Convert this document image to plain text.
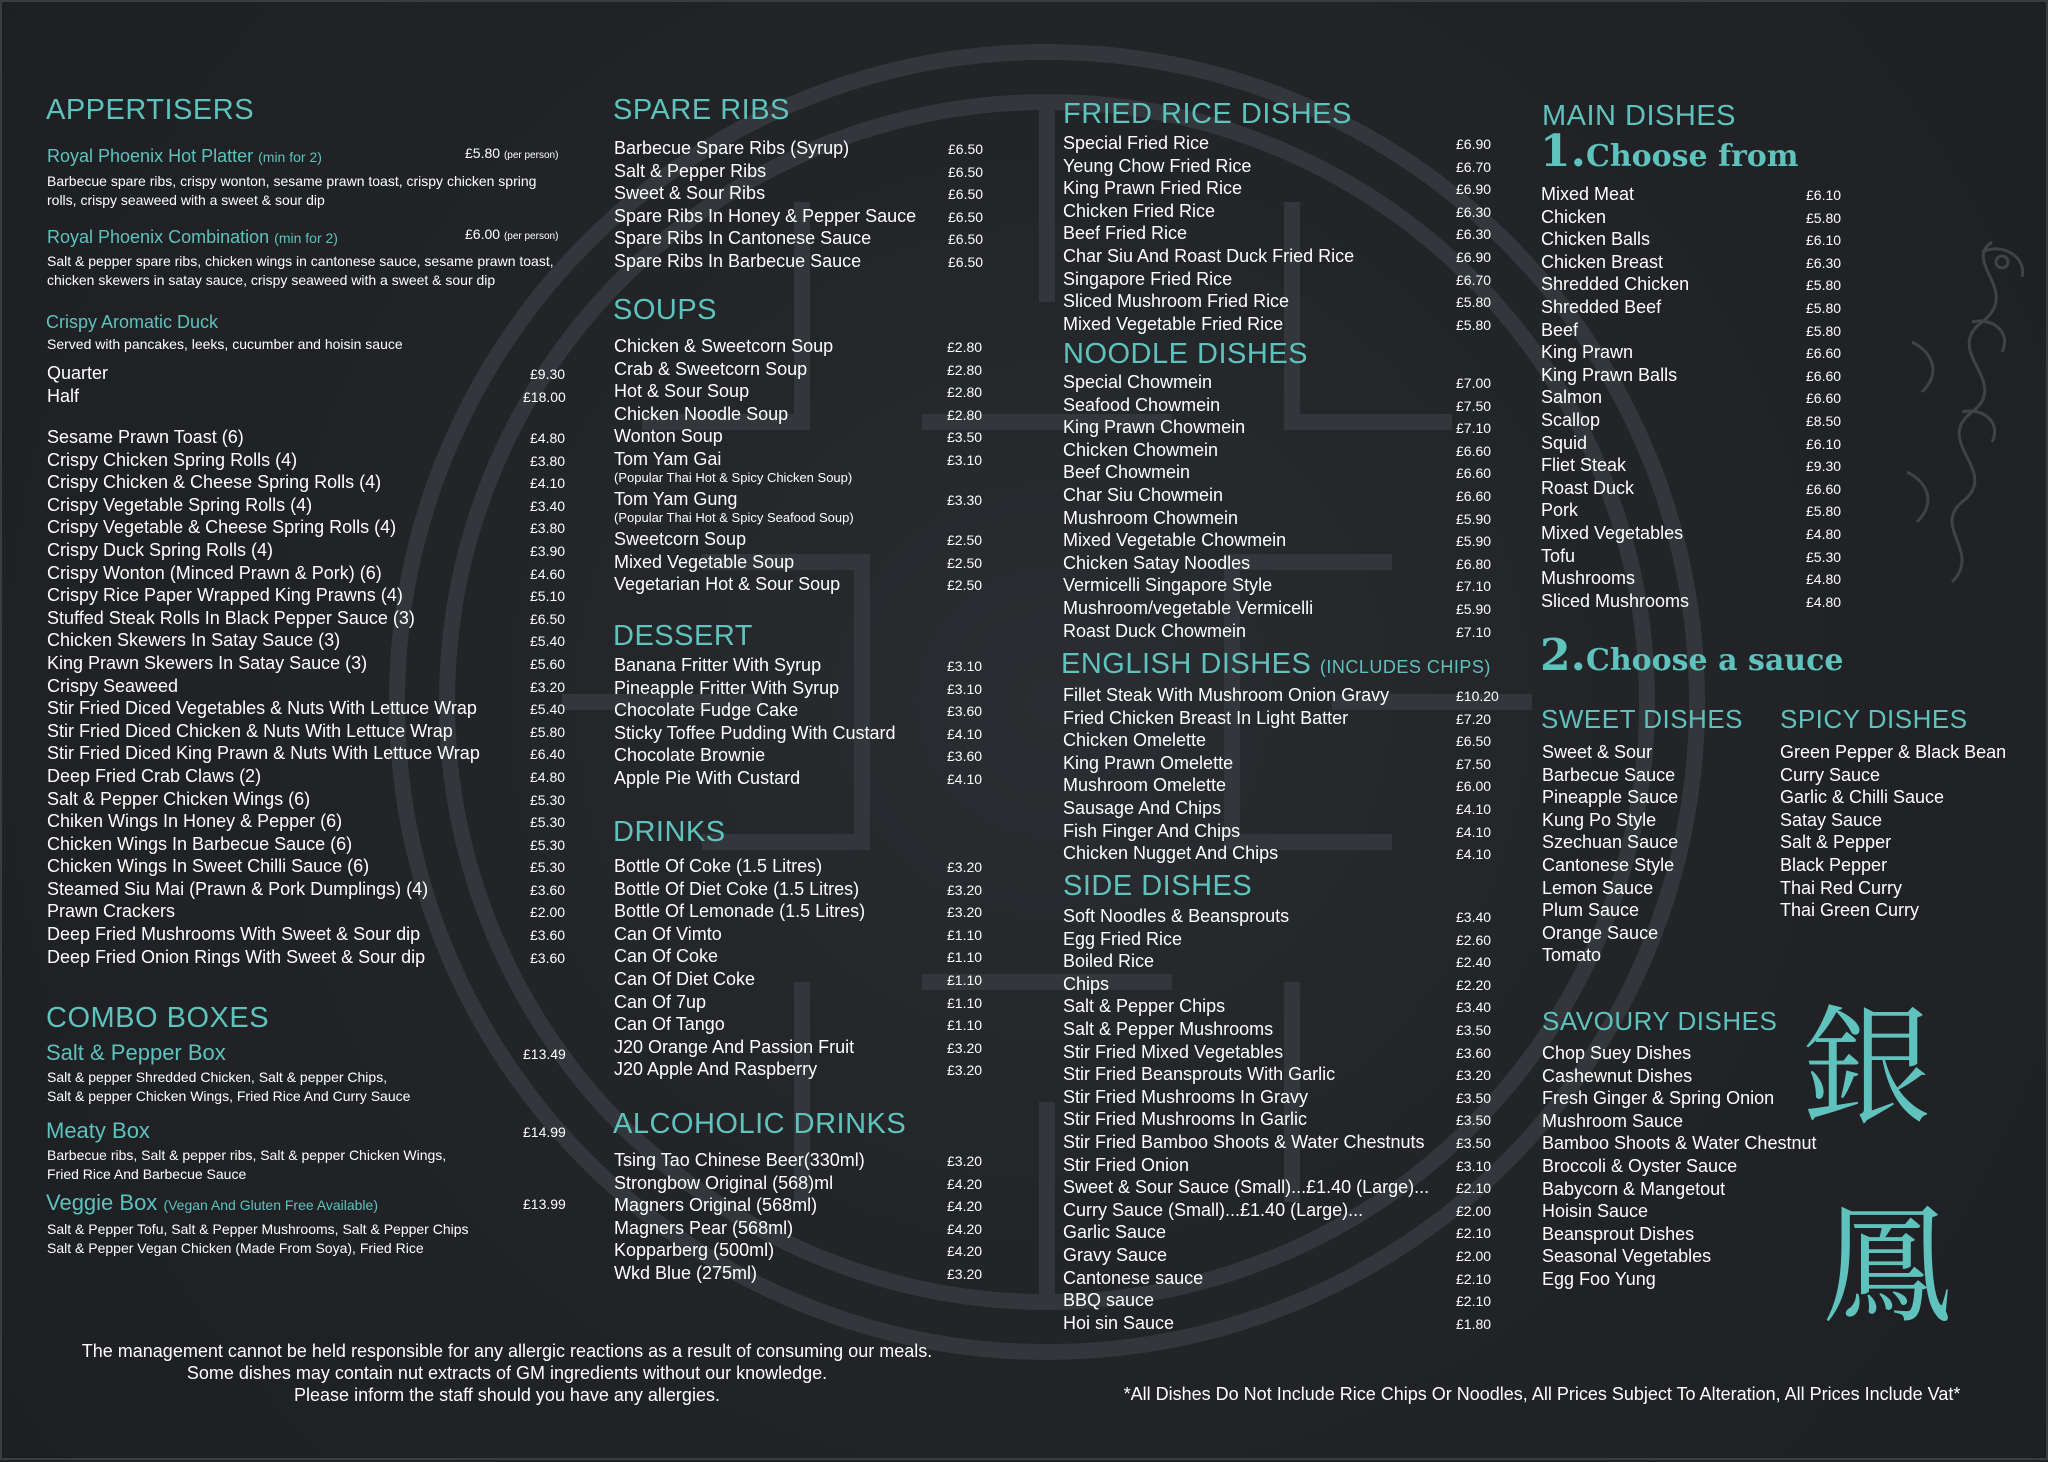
APPERTISERS
Royal Phoenix Hot Platter (min for 2)	£5.80 (per person)
Barbecue spare ribs, crispy wonton, sesame prawn toast, crispy chicken spring rolls, crispy seaweed with a sweet & sour dip
Royal Phoenix Combination (min for 2)	£6.00 (per person)
Salt & pepper spare ribs, chicken wings in cantonese sauce, sesame prawn toast, chicken skewers in satay sauce, crispy seaweed with a sweet & sour dip
Crispy Aromatic Duck
Served with pancakes, leeks, cucumber and hoisin sauce
Quarter	£9.30
Half	£18.00
Sesame Prawn Toast (6)	£4.80
Crispy Chicken Spring Rolls (4)	£3.80
Crispy Chicken & Cheese Spring Rolls (4)	£4.10
Crispy Vegetable Spring Rolls (4)	£3.40
Crispy Vegetable & Cheese Spring Rolls (4)	£3.80
Crispy Duck Spring Rolls (4)	£3.90
Crispy Wonton (Minced Prawn & Pork) (6)	£4.60
Crispy Rice Paper Wrapped King Prawns (4)	£5.10
Stuffed Steak Rolls In Black Pepper Sauce (3)	£6.50
Chicken Skewers In Satay Sauce (3)	£5.40
King Prawn Skewers In Satay Sauce (3)	£5.60
Crispy Seaweed	£3.20
Stir Fried Diced Vegetables & Nuts With Lettuce Wrap	£5.40
Stir Fried Diced Chicken & Nuts With Lettuce Wrap	£5.80
Stir Fried Diced King Prawn & Nuts With Lettuce Wrap	£6.40
Deep Fried Crab Claws (2)	£4.80
Salt & Pepper Chicken Wings (6)	£5.30
Chiken Wings In Honey & Pepper (6)	£5.30
Chicken Wings In Barbecue Sauce (6)	£5.30
Chicken Wings In Sweet Chilli Sauce (6)	£5.30
Steamed Siu Mai (Prawn & Pork Dumplings) (4)	£3.60
Prawn Crackers	£2.00
Deep Fried Mushrooms With Sweet & Sour dip	£3.60
Deep Fried Onion Rings With Sweet & Sour dip	£3.60
COMBO BOXES
Salt & Pepper Box	£13.49
Salt & pepper Shredded Chicken, Salt & pepper Chips,
Salt & pepper Chicken Wings, Fried Rice And Curry Sauce
Meaty Box	£14.99
Barbecue ribs, Salt & pepper ribs, Salt & pepper Chicken Wings,
Fried Rice And Barbecue Sauce
Veggie Box (Vegan And Gluten Free Available)	£13.99
Salt & Pepper Tofu, Salt & Pepper Mushrooms, Salt & Pepper Chips
Salt & Pepper Vegan Chicken (Made From Soya), Fried Rice
SPARE RIBS
Barbecue Spare Ribs (Syrup)	£6.50
Salt & Pepper Ribs	£6.50
Sweet & Sour Ribs	£6.50
Spare Ribs In Honey & Pepper Sauce £6.50
Spare Ribs In Cantonese Sauce	£6.50
Spare Ribs In Barbecue Sauce	£6.50
SOUPS
Chicken & Sweetcorn Soup	£2.80
Crab & Sweetcorn Soup	£2.80
Hot & Sour Soup	£2.80
Chicken Noodle Soup	£2.80
Wonton Soup	£3.50
Tom Yam Gai	£3.10
(Popular Thai Hot & Spicy Chicken Soup)
Tom Yam Gung	£3.30
(Popular Thai Hot & Spicy Seafood Soup)
Sweetcorn Soup	£2.50
Mixed Vegetable Soup	£2.50
Vegetarian Hot & Sour Soup	£2.50
DESSERT
Banana Fritter With Syrup	£3.10
Pineapple Fritter With Syrup	£3.10
Chocolate Fudge Cake	£3.60
Sticky Toffee Pudding With Custard	£4.10
Chocolate Brownie	£3.60
Apple Pie With Custard	£4.10
DRINKS
Bottle Of Coke (1.5 Litres)	£3.20
Bottle Of Diet Coke (1.5 Litres)	£3.20
Bottle Of Lemonade (1.5 Litres)	£3.20
Can Of Vimto	£1.10
Can Of Coke	£1.10
Can Of Diet Coke	£1.10
Can Of 7up	£1.10
Can Of Tango	£1.10
J20 Orange And Passion Fruit	£3.20
J20 Apple And Raspberry	£3.20
ALCOHOLIC DRINKS
Tsing Tao Chinese Beer(330ml)	£3.20
Strongbow Original (568)ml	£4.20
Magners Original (568ml)	£4.20
Magners Pear (568ml)	£4.20
Kopparberg (500ml)	£4.20
Wkd Blue (275ml)	£3.20
FRIED RICE DISHES
Special Fried Rice	£6.90
Yeung Chow Fried Rice	£6.70
King Prawn Fried Rice	£6.90
Chicken Fried Rice	£6.30
Beef Fried Rice	£6.30
Char Siu And Roast Duck Fried Rice	£6.90
Singapore Fried Rice	£6.70
Sliced Mushroom Fried Rice	£5.80
Mixed Vegetable Fried Rice	£5.80
NOODLE DISHES
Special Chowmein	£7.00
Seafood Chowmein	£7.50
King Prawn Chowmein	£7.10
Chicken Chowmein	£6.60
Beef Chowmein	£6.60
Char Siu Chowmein	£6.60
Mushroom Chowmein	£5.90
Mixed Vegetable Chowmein	£5.90
Chicken Satay Noodles	£6.80
Vermicelli Singapore Style	£7.10
Mushroom/vegetable Vermicelli	£5.90
Roast Duck Chowmein	£7.10
ENGLISH DISHES (INCLUDES CHIPS)
Fillet Steak With Mushroom Onion Gravy	£10.20
Fried Chicken Breast In Light Batter	£7.20
Chicken Omelette	£6.50
King Prawn Omelette	£7.50
Mushroom Omelette	£6.00
Sausage And Chips	£4.10
Fish Finger And Chips	£4.10
Chicken Nugget And Chips	£4.10
SIDE DISHES
Soft Noodles & Beansprouts	£3.40
Egg Fried Rice	£2.60
Boiled Rice	£2.40
Chips	£2.20
Salt & Pepper Chips	£3.40
Salt & Pepper Mushrooms	£3.50
Stir Fried Mixed Vegetables	£3.60
Stir Fried Beansprouts With Garlic	£3.20
Stir Fried Mushrooms In Gravy	£3.50
Stir Fried Mushrooms In Garlic	£3.50
Stir Fried Bamboo Shoots & Water Chestnuts £3.50
Stir Fried Onion	£3.10
Sweet & Sour Sauce (Small)...£1.40 (Large)... £2.10
Curry Sauce (Small)...£1.40 (Large)...	£2.00
Garlic Sauce	£2.10
Gravy Sauce	£2.00
Cantonese sauce	£2.10
BBQ sauce	£2.10
Hoi sin Sauce	£1.80
MAIN DISHES
1.Choose from
Mixed Meat	£6.10
Chicken	£5.80
Chicken Balls	£6.10
Chicken Breast	£6.30
Shredded Chicken	£5.80
Shredded Beef	£5.80
Beef	£5.80
King Prawn	£6.60
King Prawn Balls	£6.60
Salmon	£6.60
Scallop	£8.50
Squid	£6.10
Fliet Steak	£9.30
Roast Duck	£6.60
Pork	£5.80
Mixed Vegetables	£4.80
Tofu	£5.30
Mushrooms	£4.80
Sliced Mushrooms	£4.80
2.Choose a sauce
SWEET DISHES
Sweet & Sour
Barbecue Sauce
Pineapple Sauce
Kung Po Style
Szechuan Sauce
Cantonese Style
Lemon Sauce
Plum Sauce
Orange Sauce
Tomato
SPICY DISHES
Green Pepper & Black Bean
Curry Sauce
Garlic & Chilli Sauce
Satay Sauce
Salt & Pepper
Black Pepper
Thai Red Curry
Thai Green Curry
SAVOURY DISHES
Chop Suey Dishes
Cashewnut Dishes
Fresh Ginger & Spring Onion
Mushroom Sauce
Bamboo Shoots & Water Chestnut
Broccoli & Oyster Sauce
Babycorn & Mangetout
Hoisin Sauce
Beansprout Dishes
Seasonal Vegetables
Egg Foo Yung
銀
鳳
The management cannot be held responsible for any allergic reactions as a result of consuming our meals.
Some dishes may contain nut extracts of GM ingredients without our knowledge.
Please inform the staff should you have any allergies.	*All Dishes Do Not Include Rice Chips Or Noodles, All Prices Subject To Alteration, All Prices Include Vat*
